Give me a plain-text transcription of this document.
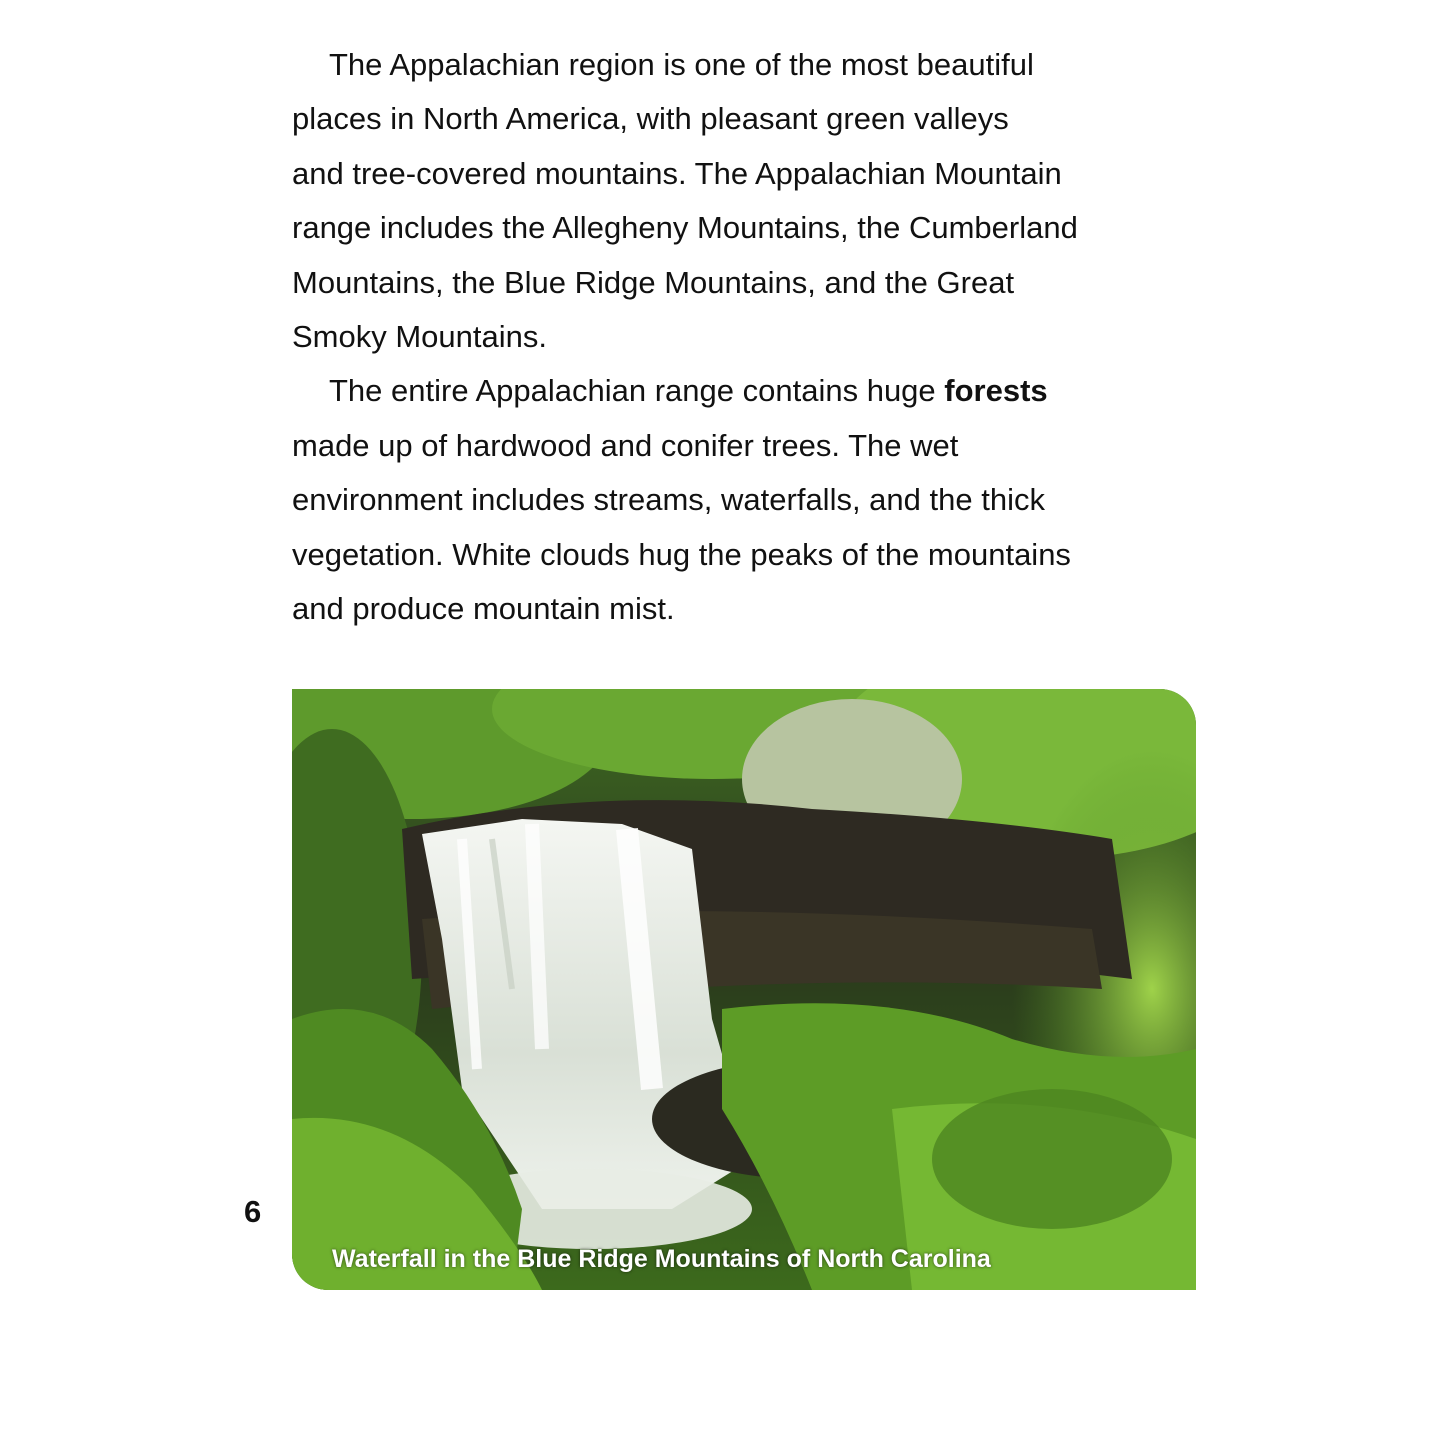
The Appalachian region is one of the most beautiful
places in North America, with pleasant green valleys
and tree-covered mountains. The Appalachian Mountain
range includes the Allegheny Mountains, the Cumberland
Mountains, the Blue Ridge Mountains, and the Great
Smoky Mountains.

The entire Appalachian range contains huge forests
made up of hardwood and conifer trees. The wet
environment includes streams, waterfalls, and the thick
vegetation. White clouds hug the peaks of the mountains
and produce mountain mist.

Waterfall in the Blue Ridge Mountains of North Carolina
6
